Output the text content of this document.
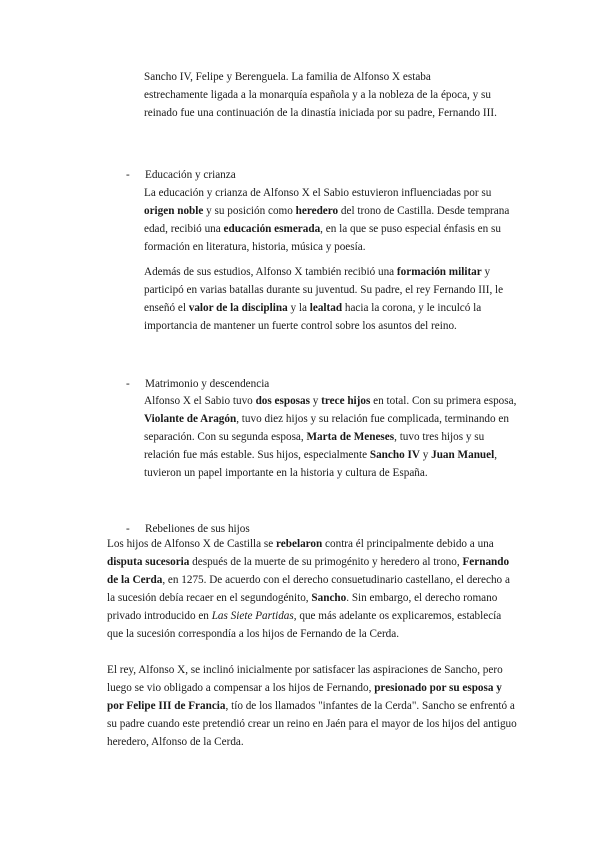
Sancho IV, Felipe y Berenguela. La familia de Alfonso X estaba
estrechamente ligada a la monarquía española y a la nobleza de la época, y su
reinado fue una continuación de la dinastía iniciada por su padre, Fernando III.
- Educación y crianza
La educación y crianza de Alfonso X el Sabio estuvieron influenciadas por su origen noble y su posición como heredero del trono de Castilla. Desde temprana edad, recibió una educación esmerada, en la que se puso especial énfasis en su formación en literatura, historia, música y poesía.
Además de sus estudios, Alfonso X también recibió una formación militar y participó en varias batallas durante su juventud. Su padre, el rey Fernando III, le enseñó el valor de la disciplina y la lealtad hacia la corona, y le inculcó la importancia de mantener un fuerte control sobre los asuntos del reino.
- Matrimonio y descendencia
Alfonso X el Sabio tuvo dos esposas y trece hijos en total. Con su primera esposa, Violante de Aragón, tuvo diez hijos y su relación fue complicada, terminando en separación. Con su segunda esposa, Marta de Meneses, tuvo tres hijos y su relación fue más estable. Sus hijos, especialmente Sancho IV y Juan Manuel, tuvieron un papel importante en la historia y cultura de España.
- Rebeliones de sus hijos
Los hijos de Alfonso X de Castilla se rebelaron contra él principalmente debido a una disputa sucesoria después de la muerte de su primogénito y heredero al trono, Fernando de la Cerda, en 1275. De acuerdo con el derecho consuetudinario castellano, el derecho a la sucesión debía recaer en el segundogénito, Sancho. Sin embargo, el derecho romano privado introducido en Las Siete Partidas, que más adelante os explicaremos, establecía que la sucesión correspondía a los hijos de Fernando de la Cerda.
El rey, Alfonso X, se inclinó inicialmente por satisfacer las aspiraciones de Sancho, pero luego se vio obligado a compensar a los hijos de Fernando, presionado por su esposa y por Felipe III de Francia, tío de los llamados "infantes de la Cerda". Sancho se enfrentó a su padre cuando este pretendió crear un reino en Jaén para el mayor de los hijos del antiguo heredero, Alfonso de la Cerda.
